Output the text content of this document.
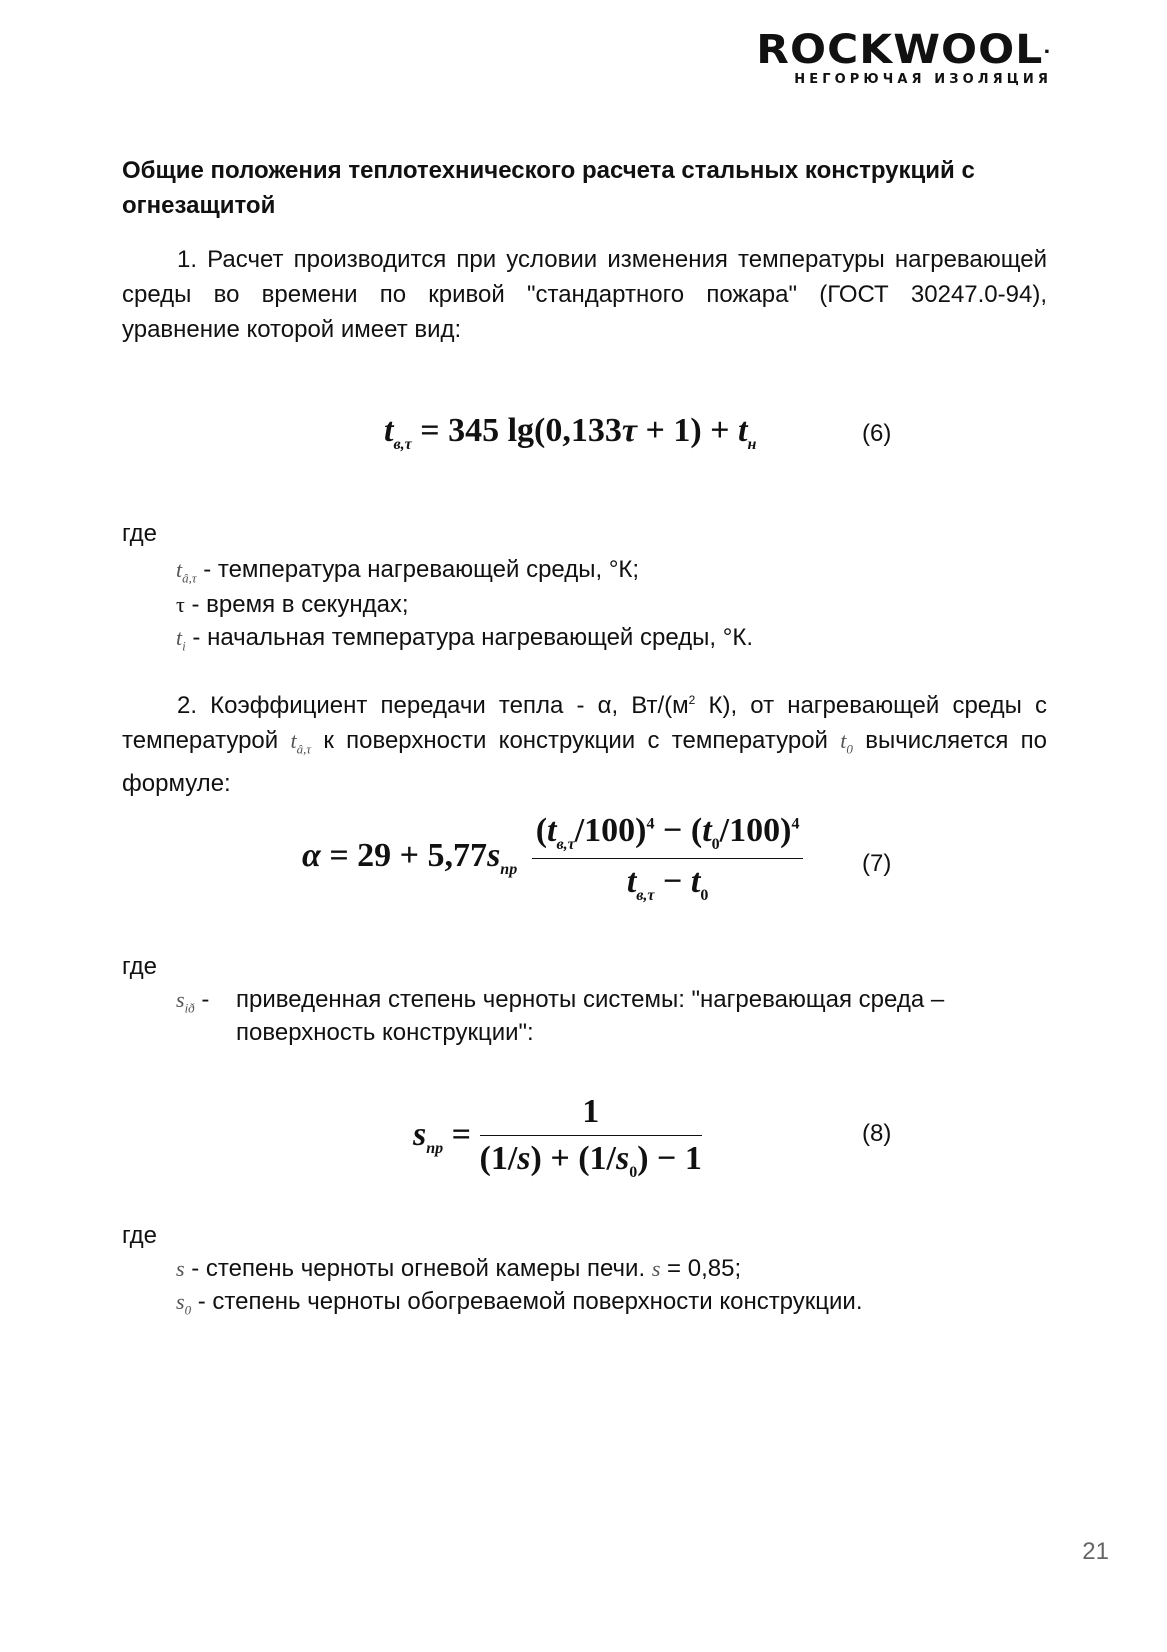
ROCKWOOL.
НЕГОРЮЧАЯ ИЗОЛЯЦИЯ
Общие положения теплотехнического расчета стальных конструкций с огнезащитой
1. Расчет производится при условии изменения температуры нагревающей среды во времени по кривой "стандартного пожара" (ГОСТ 30247.0-94), уравнение которой имеет вид:
$t_{в,\tau} = 345$ $\lg(0,133\tau + 1) + t_н$	(6)
где
$t_{â,\tau}$ - температура нагревающей среды, °К;
τ - время в секундах;
$t_i$ - начальная температура нагревающей среды, °К.
2. Коэффициент передачи тепла - α, $Вт/(м^2$ К), от нагревающей среды с температурой $t_{â,\tau}$ к поверхности конструкции с температурой $t_0$ вычисляется по формуле:
$\alpha = 29 + 5,77s_{пр} \frac{(t_{в,\tau}/100)^4 - (t_0/100)^4}{t_{в,\tau} - t_0} (7)$
где
$s_{ið}$ - приведенная степень черноты системы: "нагревающая среда – поверхность конструкции":
$s_{пр} = \frac{1}{(1/s) + (1/s_0) - 1}$	(8)
где
s - степень черноты огневой камеры печи. s = 0,85;
$s_0$ - степень черноты обогреваемой поверхности конструкции.
21
